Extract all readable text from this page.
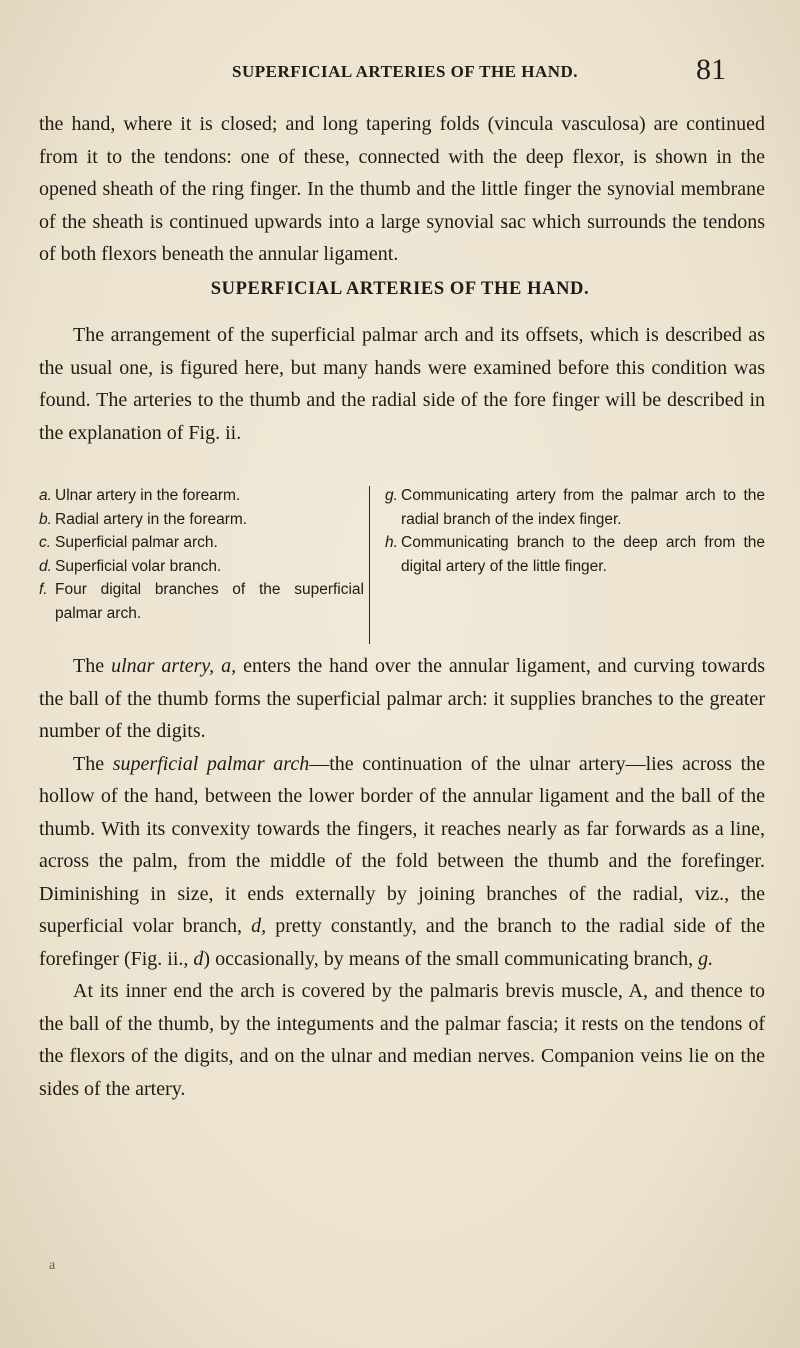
SUPERFICIAL ARTERIES OF THE HAND.	81

the hand, where it is closed; and long tapering folds (vincula vasculosa) are continued from it to the tendons: one of these, connected with the deep flexor, is shown in the opened sheath of the ring finger. In the thumb and the little finger the synovial membrane of the sheath is continued upwards into a large synovial sac which surrounds the tendons of both flexors beneath the annular ligament.

SUPERFICIAL ARTERIES OF THE HAND.

The arrangement of the superficial palmar arch and its offsets, which is described as the usual one, is figured here, but many hands were examined before this condition was found. The arteries to the thumb and the radial side of the fore finger will be described in the explanation of Fig. ii.

a. Ulnar artery in the forearm.
b. Radial artery in the forearm.
c. Superficial palmar arch.
d. Superficial volar branch.
f. Four digital branches of the superficial palmar arch.
g. Communicating artery from the palmar arch to the radial branch of the index finger.
h. Communicating branch to the deep arch from the digital artery of the little finger.

The ulnar artery, a, enters the hand over the annular ligament, and curving towards the ball of the thumb forms the superficial palmar arch: it supplies branches to the greater number of the digits.

The superficial palmar arch—the continuation of the ulnar artery—lies across the hollow of the hand, between the lower border of the annular ligament and the ball of the thumb. With its convexity towards the fingers, it reaches nearly as far forwards as a line, across the palm, from the middle of the fold between the thumb and the forefinger. Diminishing in size, it ends externally by joining branches of the radial, viz., the superficial volar branch, d, pretty constantly, and the branch to the radial side of the forefinger (Fig. ii., d) occasionally, by means of the small communicating branch, g.

At its inner end the arch is covered by the palmaris brevis muscle, A, and thence to the ball of the thumb, by the integuments and the palmar fascia; it rests on the tendons of the flexors of the digits, and on the ulnar and median nerves. Companion veins lie on the sides of the artery.

a
